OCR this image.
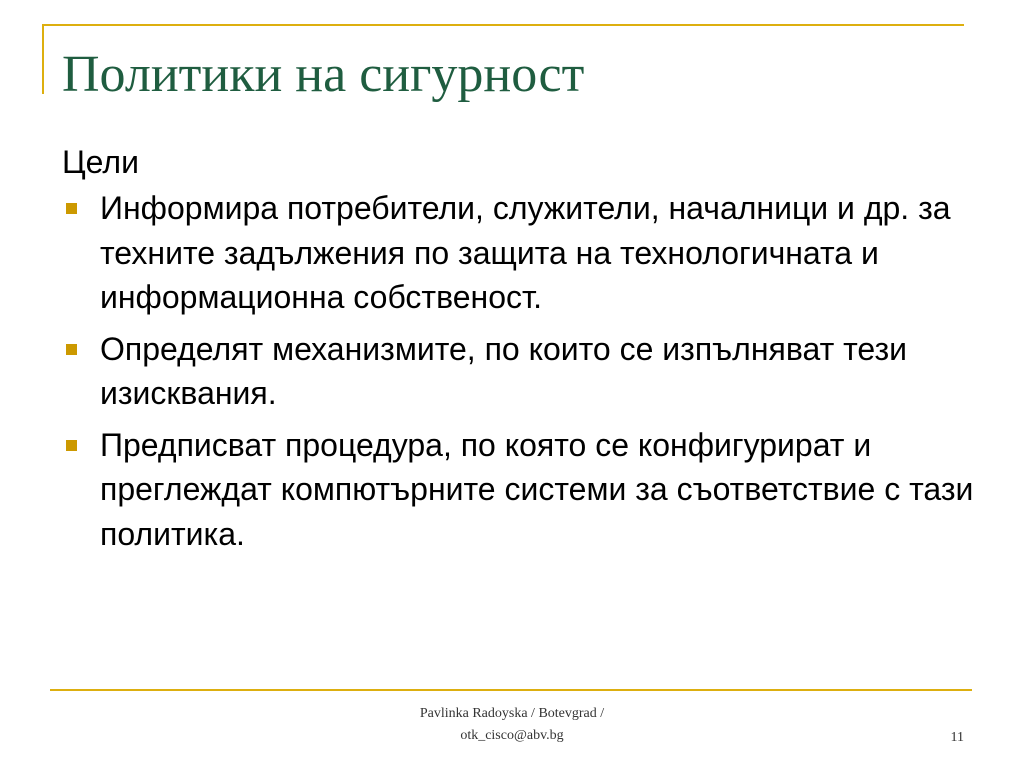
Политики на сигурност
Цели
Информира потребители, служители, началници и др. за техните задължения по защита на технологичната и информационна собственост.
Определят механизмите, по които се изпълняват тези изисквания.
Предписват процедура, по която се конфигурират и преглеждат компютърните системи за съответствие с тази политика.
Pavlinka Radoyska / Botevgrad /
otk_cisco@abv.bg	11
